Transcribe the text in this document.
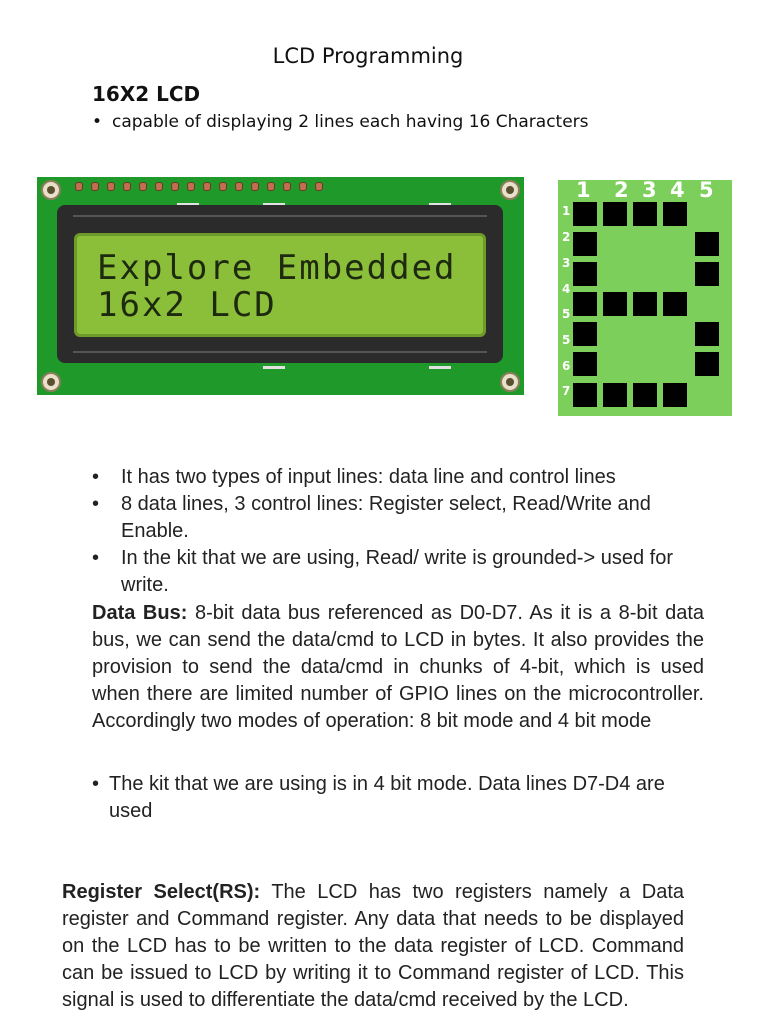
LCD Programming
16X2 LCD
• capable of displaying 2 lines each having 16 Characters
Explore Embedded
16x2 LCD
1 2 3 4 5
1
2
3
4
5
5
6
7
• It has two types of input lines: data line and control lines
• 8 data lines, 3 control lines: Register select, Read/Write and Enable.
• In the kit that we are using, Read/ write is grounded-> used for write.
Data Bus: 8-bit data bus referenced as D0-D7. As it is a 8-bit data bus, we can send the data/cmd to LCD in bytes. It also provides the provision to send the data/cmd in chunks of 4-bit, which is used when there are limited number of GPIO lines on the microcontroller. Accordingly two modes of operation: 8 bit mode and 4 bit mode
• The kit that we are using is in 4 bit mode. Data lines D7-D4 are used
Register Select(RS): The LCD has two registers namely a Data register and Command register. Any data that needs to be displayed on the LCD has to be written to the data register of LCD. Command can be issued to LCD by writing it to Command register of LCD. This signal is used to differentiate the data/cmd received by the LCD.
